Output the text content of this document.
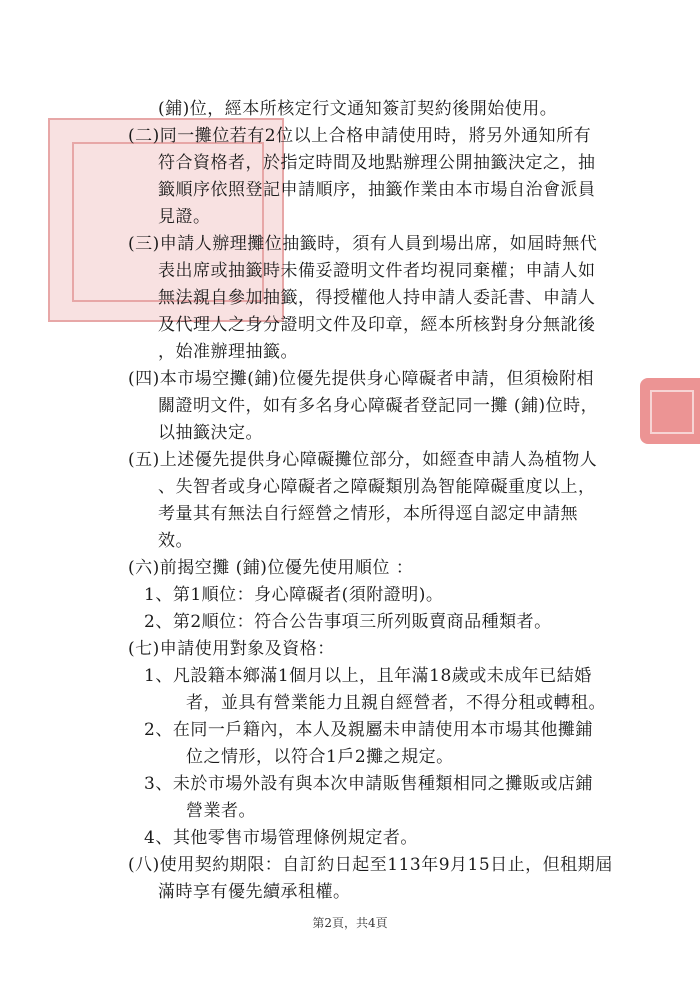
(鋪)位，經本所核定行文通知簽訂契約後開始使用。
(二)同一攤位若有2位以上合格申請使用時，將另外通知所有
符合資格者，於指定時間及地點辦理公開抽籤決定之，抽
籤順序依照登記申請順序，抽籤作業由本市場自治會派員
見證。
(三)申請人辦理攤位抽籤時，須有人員到場出席，如屆時無代
表出席或抽籤時未備妥證明文件者均視同棄權；申請人如
無法親自參加抽籤，得授權他人持申請人委託書、申請人
及代理人之身分證明文件及印章，經本所核對身分無訛後
，始准辦理抽籤。
(四)本市場空攤(鋪)位優先提供身心障礙者申請，但須檢附相
關證明文件，如有多名身心障礙者登記同一攤 (鋪)位時，
以抽籤決定。
(五)上述優先提供身心障礙攤位部分，如經查申請人為植物人
、失智者或身心障礙者之障礙類別為智能障礙重度以上，
考量其有無法自行經營之情形，本所得逕自認定申請無
效。
(六)前揭空攤 (鋪)位優先使用順位 ：
1、第1順位：身心障礙者(須附證明)。
2、第2順位：符合公告事項三所列販賣商品種類者。
(七)申請使用對象及資格：
1、凡設籍本鄉滿1個月以上，且年滿18歲或未成年已結婚
者，並具有營業能力且親自經營者，不得分租或轉租。
2、在同一戶籍內，本人及親屬未申請使用本市場其他攤鋪
位之情形，以符合1戶2攤之規定。
3、未於市場外設有與本次申請販售種類相同之攤販或店鋪
營業者。
4、其他零售市場管理條例規定者。
(八)使用契約期限：自訂約日起至113年9月15日止，但租期屆
滿時享有優先續承租權。
第2頁，共4頁
